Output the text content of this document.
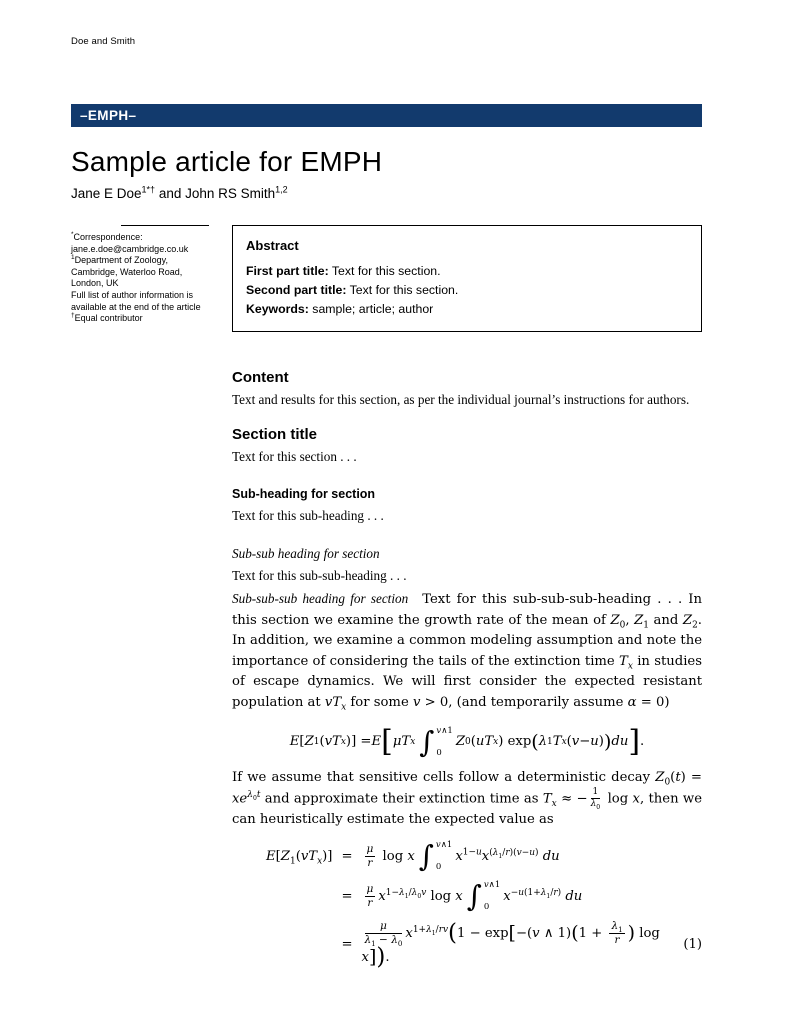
Doe and Smith
–EMPH–
Sample article for EMPH
Jane E Doe$^{1*\dagger}$ and John RS Smith$^{1,2}$
*Correspondence:
jane.e.doe@cambridge.co.uk
$^1$Department of Zoology,
Cambridge, Waterloo Road,
London, UK
Full list of author information is
available at the end of the article
†Equal contributor
Abstract
First part title: Text for this section.
Second part title: Text for this section.
Keywords: sample; article; author
Content

Text and results for this section, as per the individual journal’s instructions for authors.

Section title

Text for this section . . .

Sub-heading for section

Text for this sub-heading . . .

Sub-sub heading for section

Text for this sub-sub-heading . . .

Sub-sub-sub heading for section Text for this sub-sub-sub-heading . . . In this section we examine the growth rate of the mean of $Z_0$, $Z_1$ and $Z_2$. In addition, we examine a common modeling assumption and note the importance of considering the tails of the extinction time $T_x$ in studies of escape dynamics. We will first consider the expected resistant population at $vT_x$ for some v > 0, (and temporarily assume α = 0)

E [ Z 1 ( vT x )] = E [ μT x ∫ v∧1
0
Z 0 ( uT x ) exp ( λ 1 T x ( v − u ) ) du ] .

If we assume that sensitive cells follow a deterministic decay $Z_0(t) = xe^{\lambda_0t}$ and approximate their extinction time as $T_x$ ≈ − $\frac{1}{\lambda_0}$ log x, then we can heuristically estimate the expected value as

$E[Z_1(vT_x)]$ =	$\frac{\mu}{r}$ log x ∫ v∧1
0
$x^{1-u}x^{(\lambda_1/r)(v-u)}$ du
=	$\frac{\mu}{r} x^{1-\lambda_1/\lambda_0v}$ log x ∫ v∧1
0
$x^{-u(1+\lambda_1/r)}$ du
=	$\frac{\mu}{\lambda_1 - \lambda_0} x^{1+\lambda_1/rv}(1 - \exp[-(v$ ∧ $1)(1 + \frac{\lambda_1}{r}$ ) log x]).
(1)
